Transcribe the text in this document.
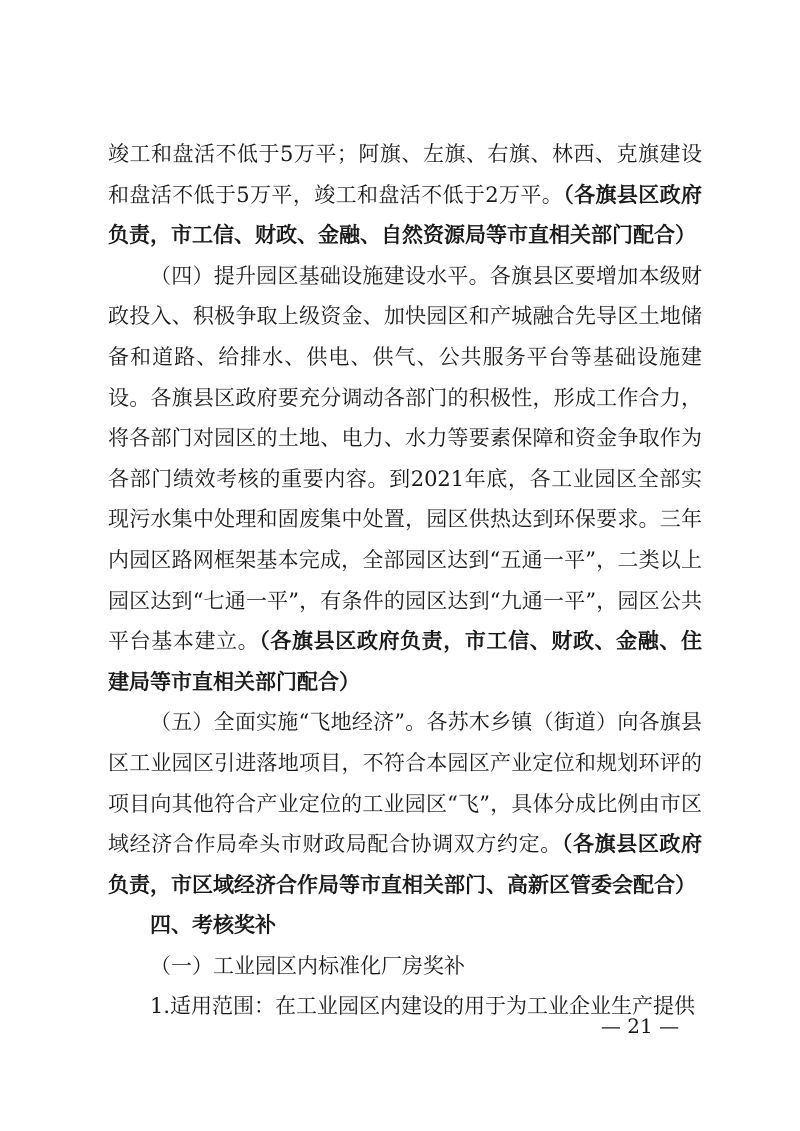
竣工和盘活不低于5万平；阿旗、左旗、右旗、林西、克旗建设和盘活不低于5万平，竣工和盘活不低于2万平。（各旗县区政府负责，市工信、财政、金融、自然资源局等市直相关部门配合）

（四）提升园区基础设施建设水平。各旗县区要增加本级财政投入、积极争取上级资金、加快园区和产城融合先导区土地储备和道路、给排水、供电、供气、公共服务平台等基础设施建设。各旗县区政府要充分调动各部门的积极性，形成工作合力，将各部门对园区的土地、电力、水力等要素保障和资金争取作为各部门绩效考核的重要内容。到2021年底，各工业园区全部实现污水集中处理和固废集中处置，园区供热达到环保要求。三年内园区路网框架基本完成，全部园区达到“五通一平”，二类以上园区达到“七通一平”，有条件的园区达到“九通一平”，园区公共平台基本建立。（各旗县区政府负责，市工信、财政、金融、住建局等市直相关部门配合）

（五）全面实施“飞地经济”。各苏木乡镇（街道）向各旗县区工业园区引进落地项目，不符合本园区产业定位和规划环评的项目向其他符合产业定位的工业园区“飞”，具体分成比例由市区域经济合作局牵头市财政局配合协调双方约定。（各旗县区政府负责，市区域经济合作局等市直相关部门、高新区管委会配合）

四、考核奖补

（一）工业园区内标准化厂房奖补

1.适用范围：在工业园区内建设的用于为工业企业生产提供

— 21 —
